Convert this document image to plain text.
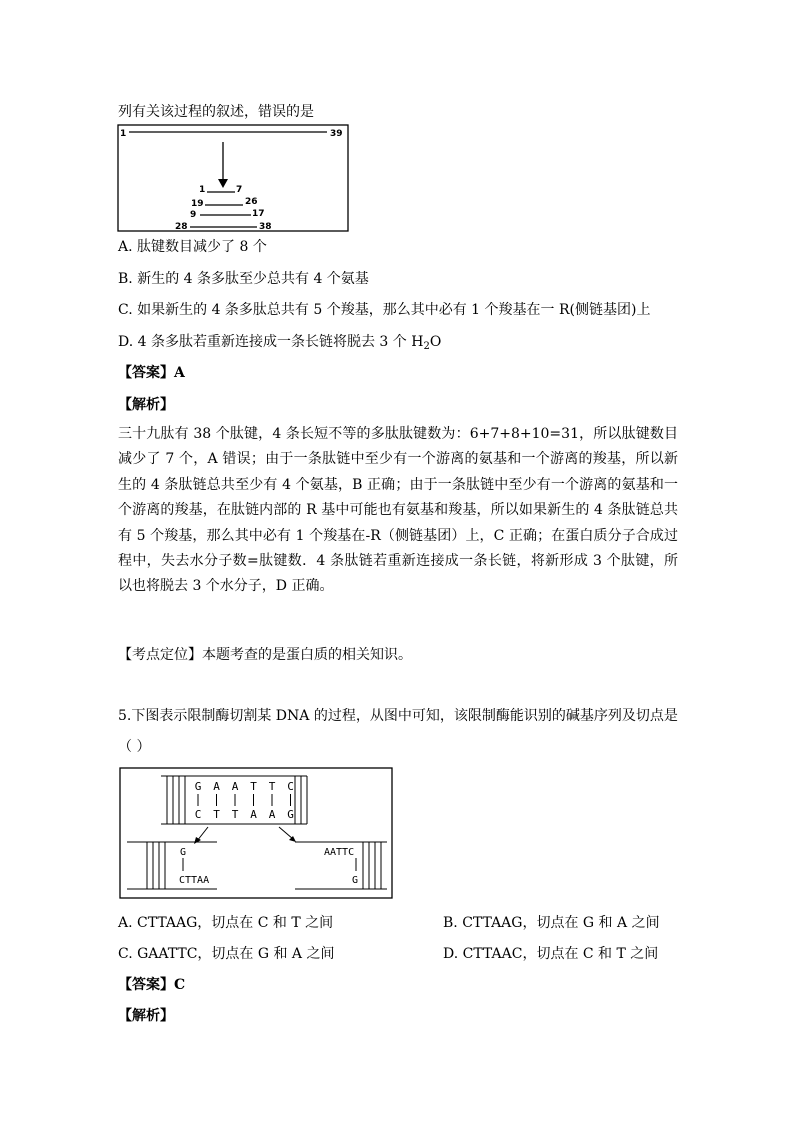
列有关该过程的叙述，错误的是
1	39
1	7
19	26
9	17
28	38
A. 肽键数目减少了 8 个
B. 新生的 4 条多肽至少总共有 4 个氨基
C. 如果新生的 4 条多肽总共有 5 个羧基，那么其中必有 1 个羧基在一 R(侧链基团)上
D. 4 条多肽若重新连接成一条长链将脱去 3 个 $H_2O$
【答案】A
【解析】
三十九肽有 38 个肽键，4 条长短不等的多肽肽键数为：6+7+8+10=31，所以肽键数目减少了 7 个，A 错误；由于一条肽链中至少有一个游离的氨基和一个游离的羧基，所以新生的 4 条肽链总共至少有 4 个氨基，B 正确；由于一条肽链中至少有一个游离的氨基和一个游离的羧基，在肽链内部的 R 基中可能也有氨基和羧基，所以如果新生的 4 条肽链总共有 5 个羧基，那么其中必有 1 个羧基在-R（侧链基团）上，C 正确；在蛋白质分子合成过程中，失去水分子数=肽键数．4 条肽链若重新连接成一条长链，将新形成 3 个肽键，所以也将脱去 3 个水分子，D 正确。
【考点定位】本题考查的是蛋白质的相关知识。
5.下图表示限制酶切割某 DNA 的过程，从图中可知，该限制酶能识别的碱基序列及切点是
（ ）
G
C
A
T
A
T
T
A
T
A
C
G
G
CTTAA
AATTC
G
A. CTTAAG，切点在 C 和 T 之间	B. CTTAAG，切点在 G 和 A 之间
C. GAATTC，切点在 G 和 A 之间	D. CTTAAC，切点在 C 和 T 之间
【答案】C
【解析】
